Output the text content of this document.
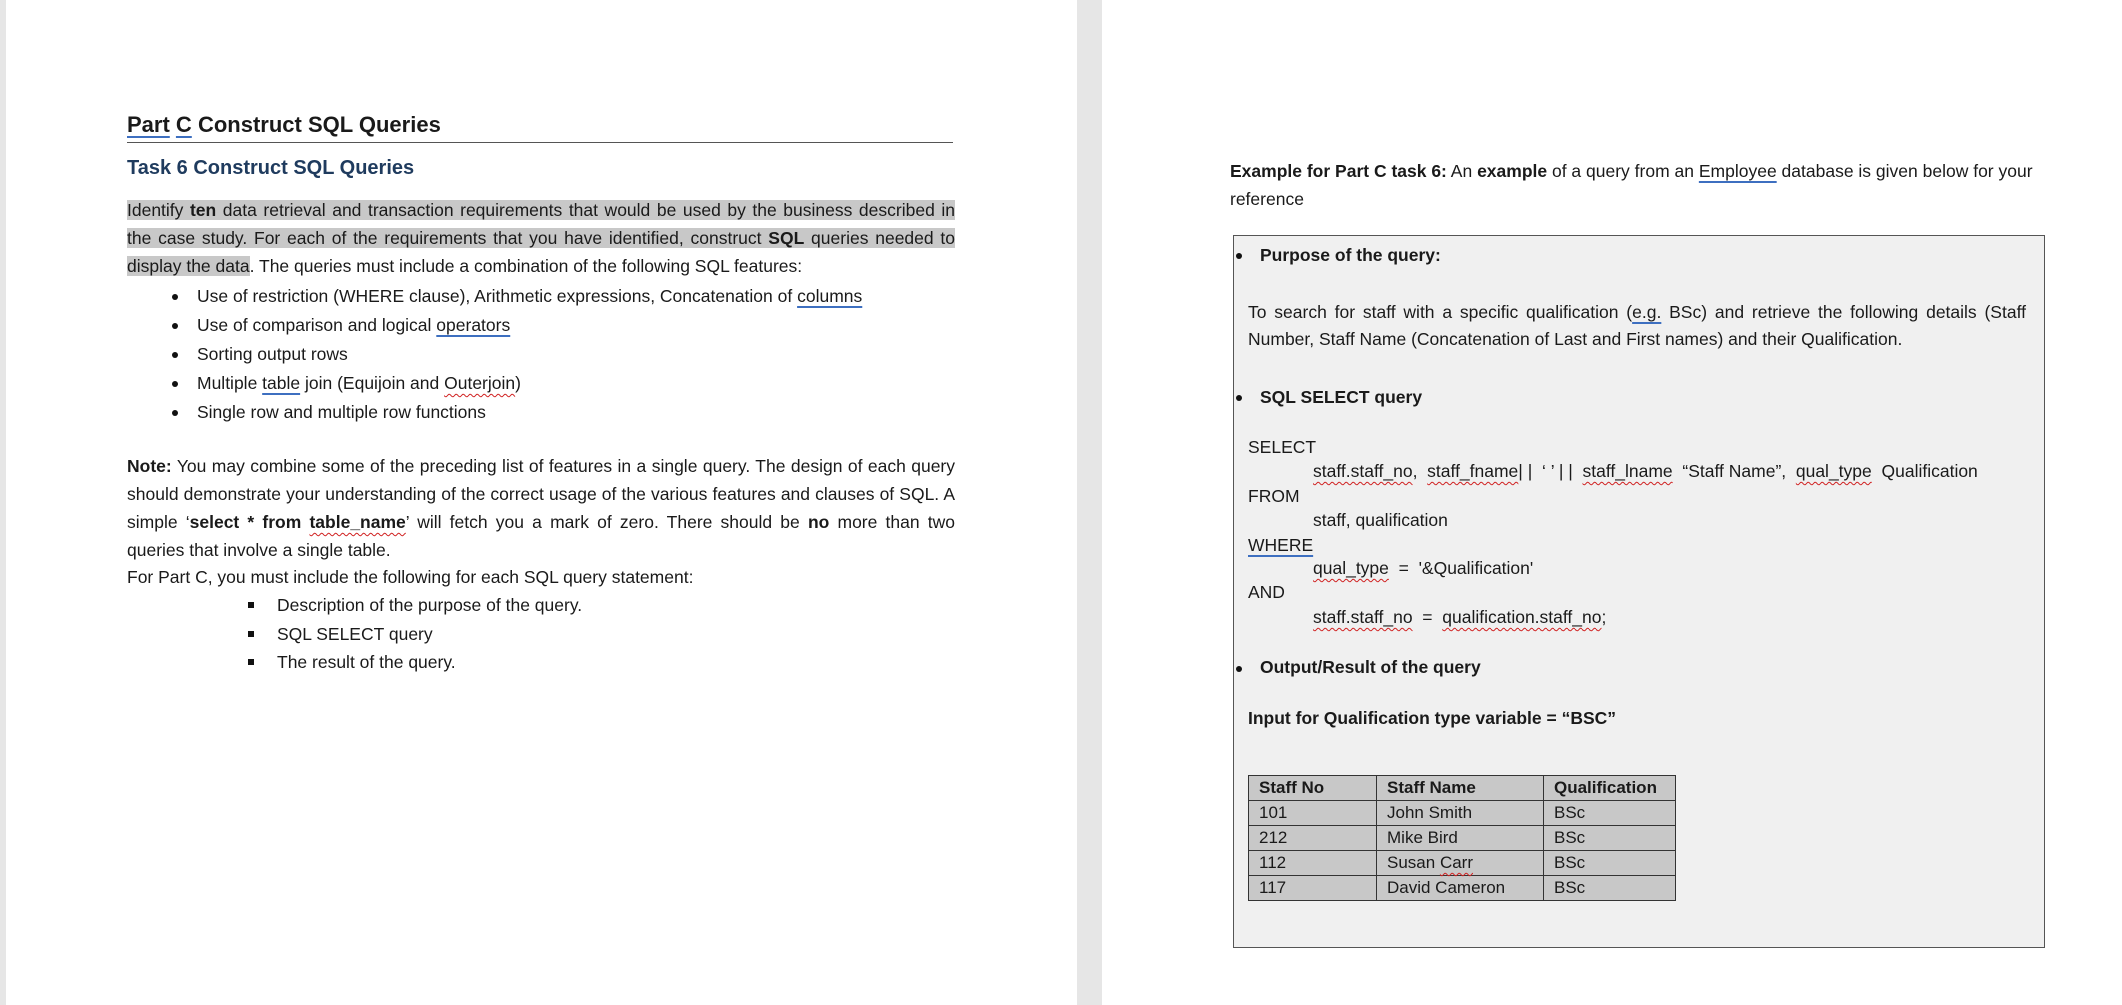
Part C Construct SQL Queries
Task 6 Construct SQL Queries
Identify ten data retrieval and transaction requirements that would be used by the business described in the case study. For each of the requirements that you have identified, construct SQL queries needed to display the data. The queries must include a combination of the following SQL features:
Use of restriction (WHERE clause), Arithmetic expressions, Concatenation of columns
Use of comparison and logical operators
Sorting output rows
Multiple table join (Equijoin and Outerjoin)
Single row and multiple row functions
Note: You may combine some of the preceding list of features in a single query. The design of each query should demonstrate your understanding of the correct usage of the various features and clauses of SQL. A simple ‘select * from table_name’ will fetch you a mark of zero. There should be no more than two queries that involve a single table.
For Part C, you must include the following for each SQL query statement:
Description of the purpose of the query.
SQL SELECT query
The result of the query.
Example for Part C task 6: An example of a query from an Employee database is given below for your reference
Purpose of the query:
To search for staff with a specific qualification (e.g. BSc) and retrieve the following details (Staff Number, Staff Name (Concatenation of Last and First names) and their Qualification.
SQL SELECT query
SELECT
staff.staff_no,  staff_fname| |  ‘ ’ | |  staff_lname  “Staff Name”,  qual_type  Qualification
FROM
staff, qualification
WHERE
qual_type  =  '&Qualification'
AND
staff.staff_no  =  qualification.staff_no;
Output/Result of the query
Input for Qualification type variable = “BSC”
Staff No	Staff Name	Qualification
101	John Smith	BSc
212	Mike Bird	BSc
112	Susan Carr	BSc
117	David Cameron	BSc
